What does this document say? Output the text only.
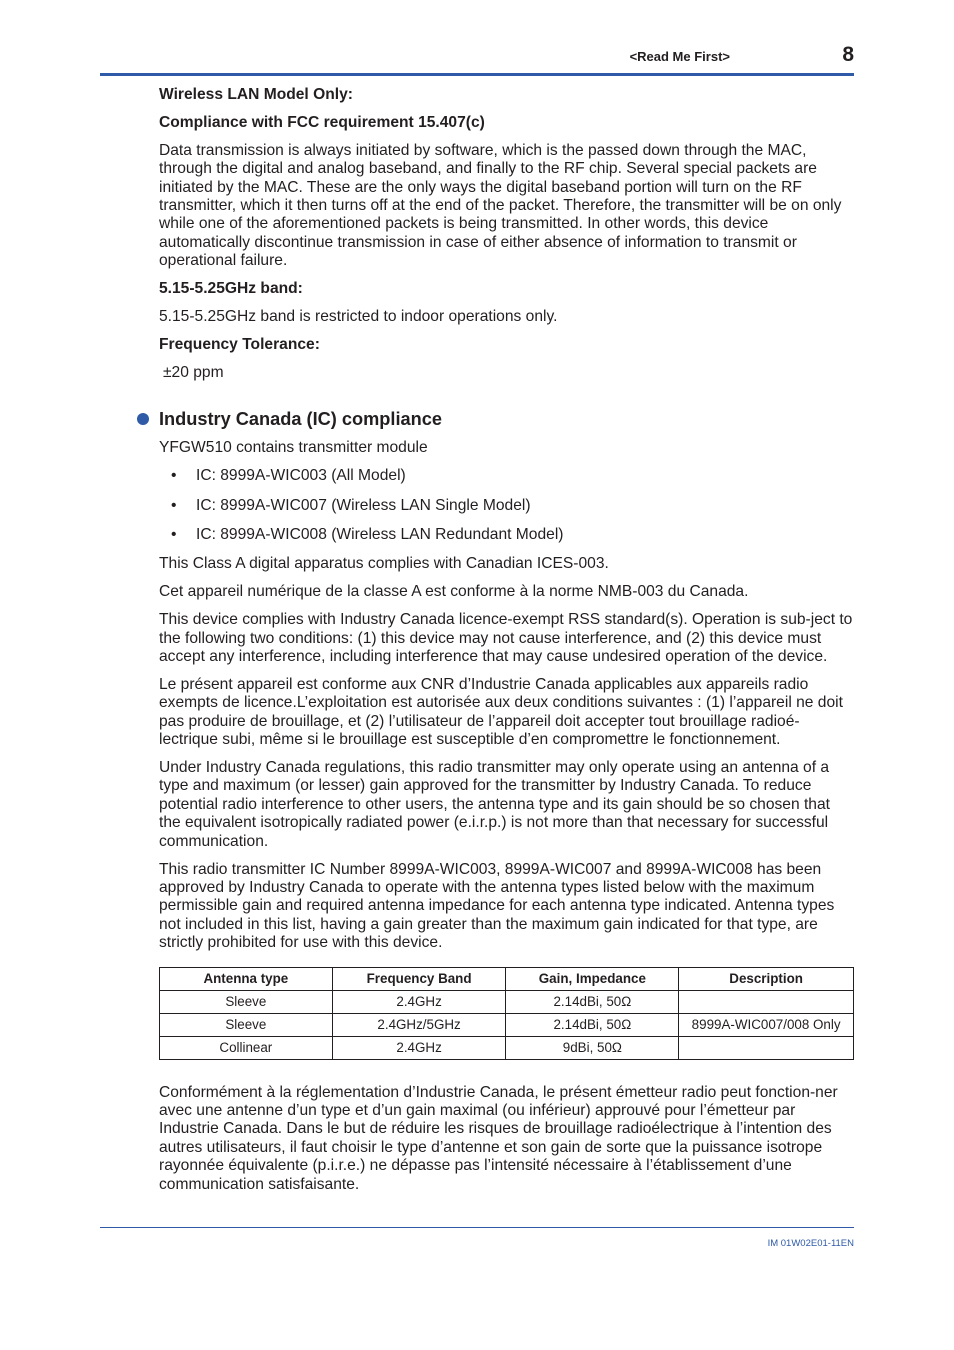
<Read Me First>	8

Wireless LAN Model Only:

Compliance with FCC requirement 15.407(c)

Data transmission is always initiated by software, which is the passed down through the MAC, through the digital and analog baseband, and finally to the RF chip. Several special packets are initiated by the MAC. These are the only ways the digital baseband portion will turn on the RF transmitter, which it then turns off at the end of the packet. Therefore, the transmitter will be on only while one of the aforementioned packets is being transmitted. In other words, this device automatically discontinue transmission in case of either absence of information to transmit or operational failure.

5.15-5.25GHz band:

5.15-5.25GHz band is restricted to indoor operations only.

Frequency Tolerance:

±20 ppm

Industry Canada (IC) compliance

YFGW510 contains transmitter module

• IC: 8999A-WIC003 (All Model)
• IC: 8999A-WIC007 (Wireless LAN Single Model)
• IC: 8999A-WIC008 (Wireless LAN Redundant Model)

This Class A digital apparatus complies with Canadian ICES-003.

Cet appareil numérique de la classe A est conforme à la norme NMB-003 du Canada.

This device complies with Industry Canada licence-exempt RSS standard(s). Operation is sub-ject to the following two conditions: (1) this device may not cause interference, and (2) this device must accept any interference, including interference that may cause undesired operation of the device.

Le présent appareil est conforme aux CNR d’Industrie Canada applicables aux appareils radio exempts de licence.L’exploitation est autorisée aux deux conditions suivantes : (1) l’appareil ne doit pas produire de brouillage, et (2) l’utilisateur de l’appareil doit accepter tout brouillage radioé-lectrique subi, même si le brouillage est susceptible d’en compromettre le fonctionnement.

Under Industry Canada regulations, this radio transmitter may only operate using an antenna of a type and maximum (or lesser) gain approved for the transmitter by Industry Canada. To reduce potential radio interference to other users, the antenna type and its gain should be so chosen that the equivalent isotropically radiated power (e.i.r.p.) is not more than that necessary for successful communication.

This radio transmitter IC Number 8999A-WIC003, 8999A-WIC007 and 8999A-WIC008 has been approved by Industry Canada to operate with the antenna types listed below with the maximum permissible gain and required antenna impedance for each antenna type indicated. Antenna types not included in this list, having a gain greater than the maximum gain indicated for that type, are strictly prohibited for use with this device.

Antenna type	Frequency Band	Gain, Impedance	Description
Sleeve	2.4GHz	2.14dBi, 50Ω	
Sleeve	2.4GHz/5GHz	2.14dBi, 50Ω	8999A-WIC007/008 Only
Collinear	2.4GHz	9dBi, 50Ω	

Conformément à la réglementation d’Industrie Canada, le présent émetteur radio peut fonction-ner avec une antenne d’un type et d’un gain maximal (ou inférieur) approuvé pour l’émetteur par Industrie Canada. Dans le but de réduire les risques de brouillage radioélectrique à l’intention des autres utilisateurs, il faut choisir le type d’antenne et son gain de sorte que la puissance isotrope rayonnée équivalente (p.i.r.e.) ne dépasse pas l’intensité nécessaire à l’établissement d’une communication satisfaisante.

IM 01W02E01-11EN
